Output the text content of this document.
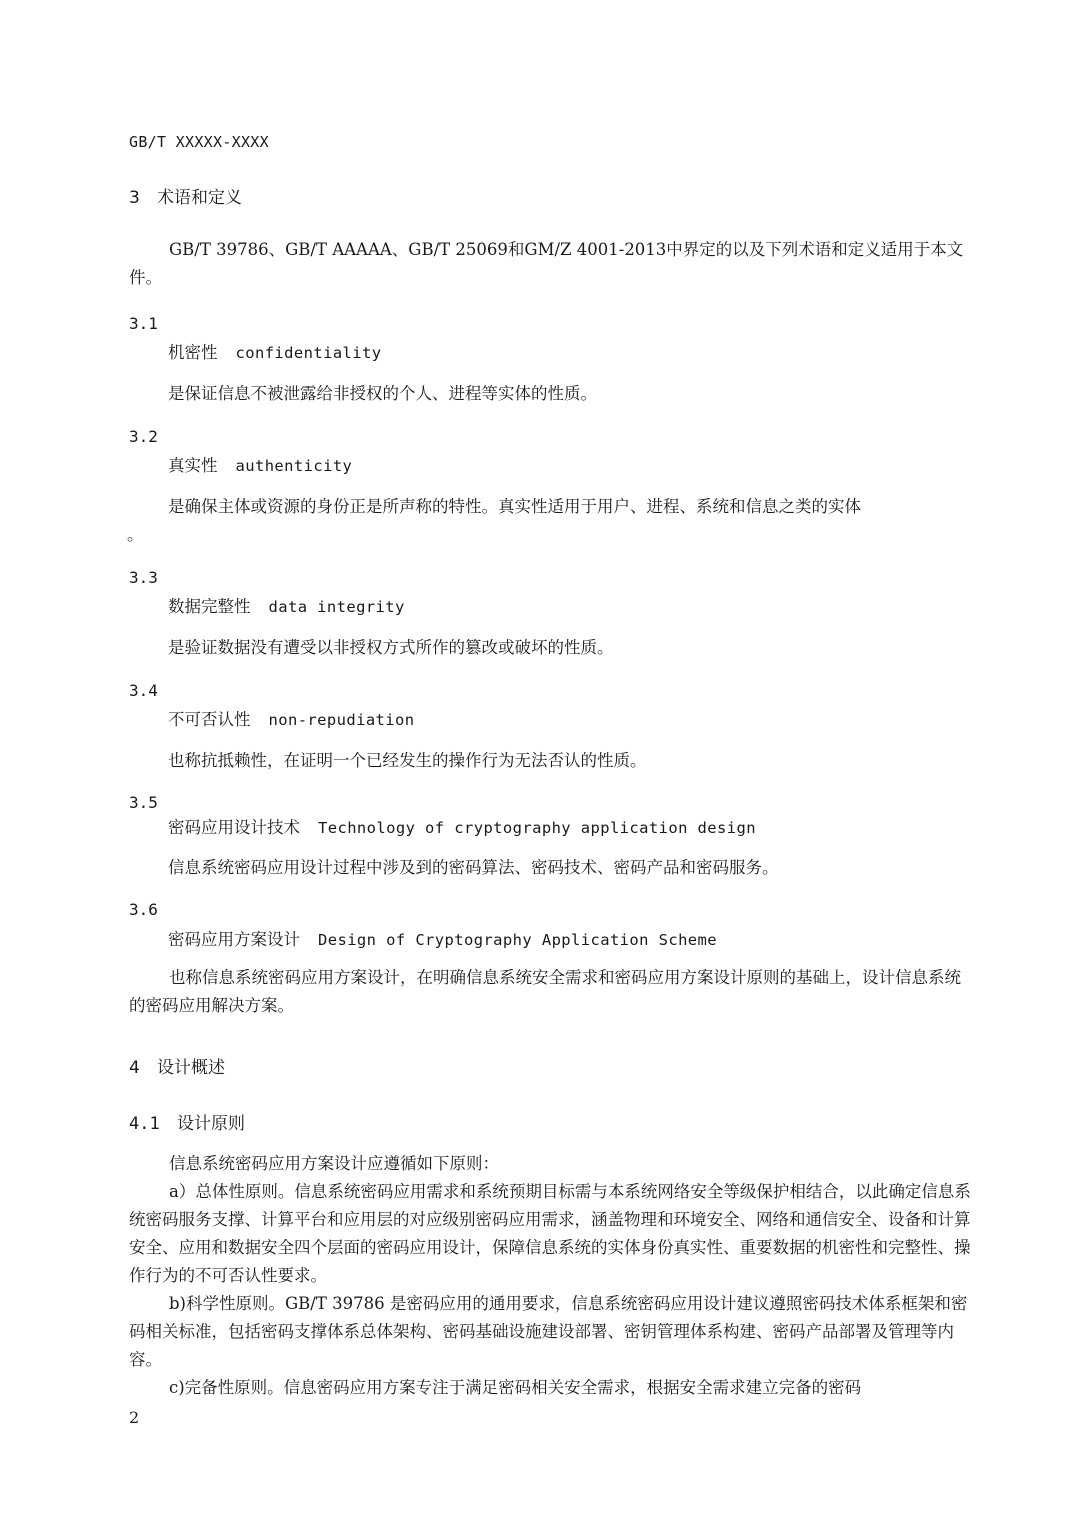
GB/T XXXXX-XXXX
3 术语和定义
GB/T 39786、GB/T AAAAA、GB/T 25069和GM/Z 4001-2013中界定的以及下列术语和定义适用于本文件。
3.1
机密性 confidentiality
是保证信息不被泄露给非授权的个人、进程等实体的性质。
3.2
真实性 authenticity
是确保主体或资源的身份正是所声称的特性。真实性适用于用户、进程、系统和信息之类的实体
。
3.3
数据完整性 data integrity
是验证数据没有遭受以非授权方式所作的篡改或破坏的性质。
3.4
不可否认性 non-repudiation
也称抗抵赖性，在证明一个已经发生的操作行为无法否认的性质。
3.5
密码应用设计技术 Technology of cryptography application design
信息系统密码应用设计过程中涉及到的密码算法、密码技术、密码产品和密码服务。
3.6
密码应用方案设计 Design of Cryptography Application Scheme
也称信息系统密码应用方案设计，在明确信息系统安全需求和密码应用方案设计原则的基础上，设计信息系统的密码应用解决方案。
4 设计概述
4.1 设计原则
信息系统密码应用方案设计应遵循如下原则：
a）总体性原则。信息系统密码应用需求和系统预期目标需与本系统网络安全等级保护相结合，以此确定信息系统密码服务支撑、计算平台和应用层的对应级别密码应用需求，涵盖物理和环境安全、网络和通信安全、设备和计算安全、应用和数据安全四个层面的密码应用设计，保障信息系统的实体身份真实性、重要数据的机密性和完整性、操作行为的不可否认性要求。
b)科学性原则。GB/T 39786 是密码应用的通用要求，信息系统密码应用设计建议遵照密码技术体系框架和密码相关标准，包括密码支撑体系总体架构、密码基础设施建设部署、密钥管理体系构建、密码产品部署及管理等内容。
c)完备性原则。信息密码应用方案专注于满足密码相关安全需求，根据安全需求建立完备的密码
2
